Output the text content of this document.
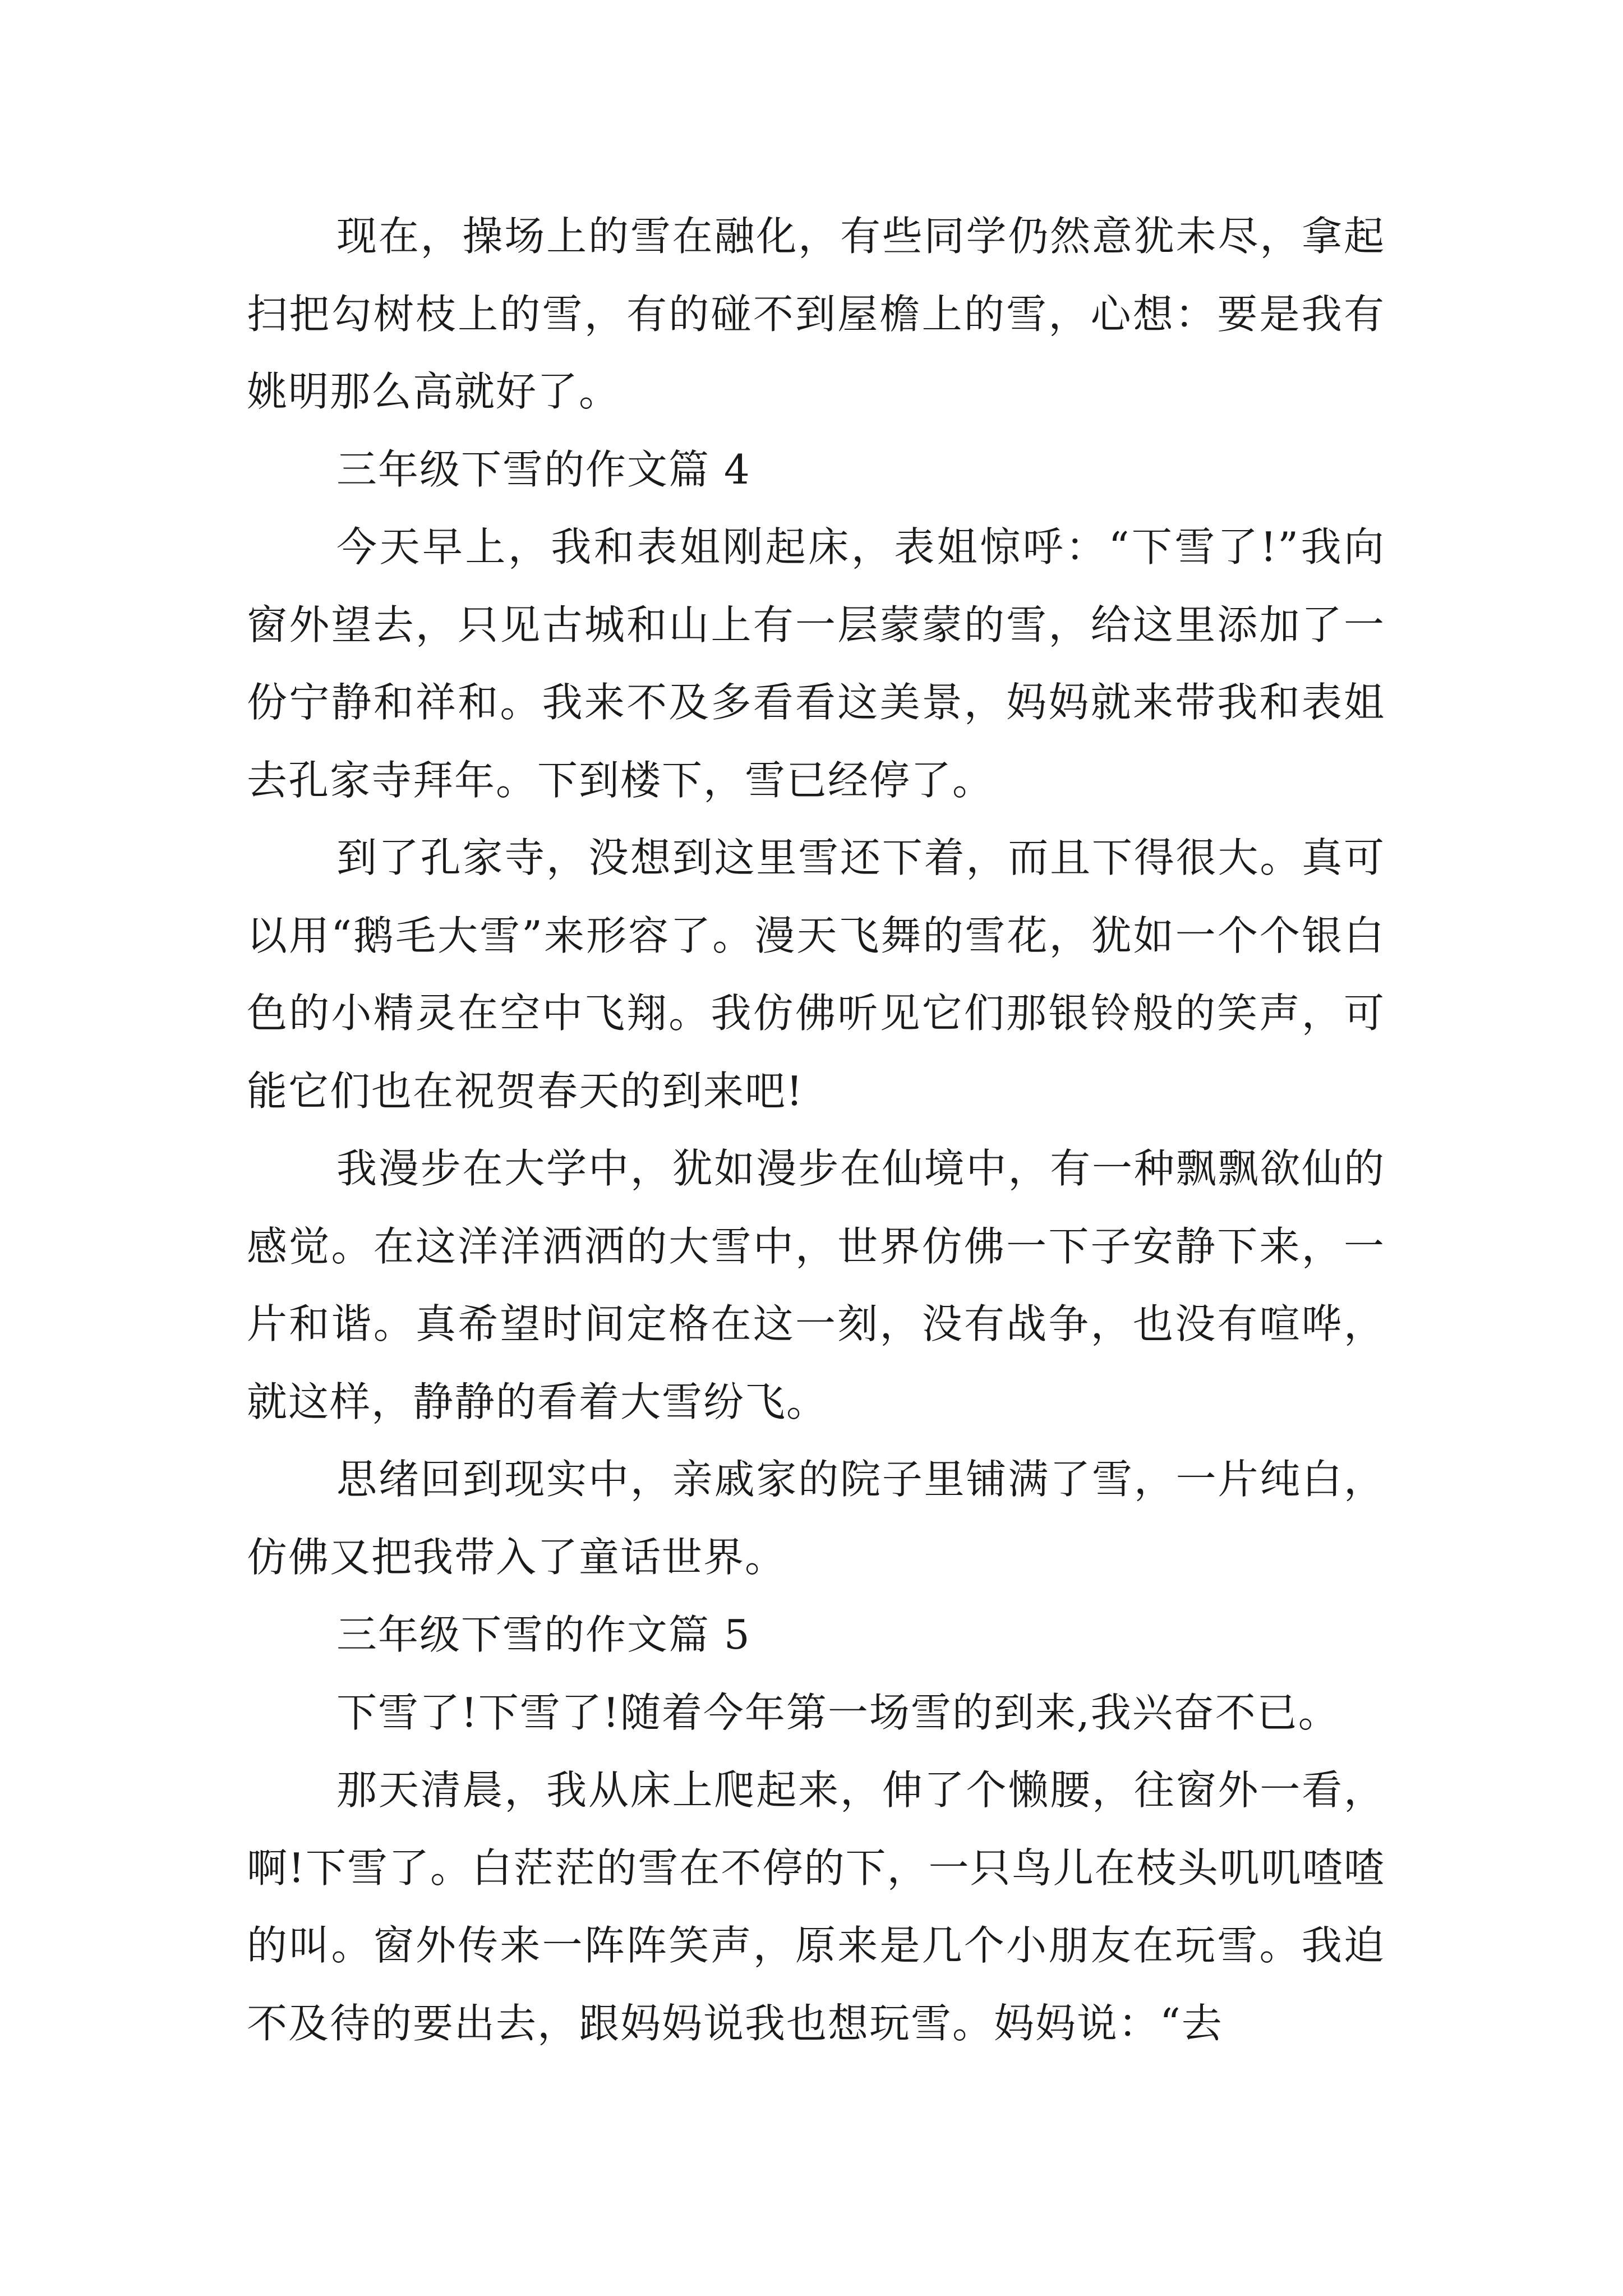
现在，操场上的雪在融化，有些同学仍然意犹未尽，拿起扫把勾树枝上的雪，有的碰不到屋檐上的雪，心想：要是我有姚明那么高就好了。

三年级下雪的作文篇 4

今天早上，我和表姐刚起床，表姐惊呼：“下雪了!”我向窗外望去，只见古城和山上有一层蒙蒙的雪，给这里添加了一份宁静和祥和。我来不及多看看这美景，妈妈就来带我和表姐去孔家寺拜年。下到楼下，雪已经停了。

到了孔家寺，没想到这里雪还下着，而且下得很大。真可以用“鹅毛大雪”来形容了。漫天飞舞的雪花，犹如一个个银白色的小精灵在空中飞翔。我仿佛听见它们那银铃般的笑声，可能它们也在祝贺春天的到来吧!

我漫步在大学中，犹如漫步在仙境中，有一种飘飘欲仙的感觉。在这洋洋洒洒的大雪中，世界仿佛一下子安静下来，一片和谐。真希望时间定格在这一刻，没有战争，也没有喧哗，就这样，静静的看着大雪纷飞。

思绪回到现实中，亲戚家的院子里铺满了雪，一片纯白，仿佛又把我带入了童话世界。

三年级下雪的作文篇 5

下雪了!下雪了!随着今年第一场雪的到来,我兴奋不已。

那天清晨，我从床上爬起来，伸了个懒腰，往窗外一看，啊!下雪了。白茫茫的雪在不停的下，一只鸟儿在枝头叽叽喳喳的叫。窗外传来一阵阵笑声，原来是几个小朋友在玩雪。我迫不及待的要出去，跟妈妈说我也想玩雪。妈妈说：“去
